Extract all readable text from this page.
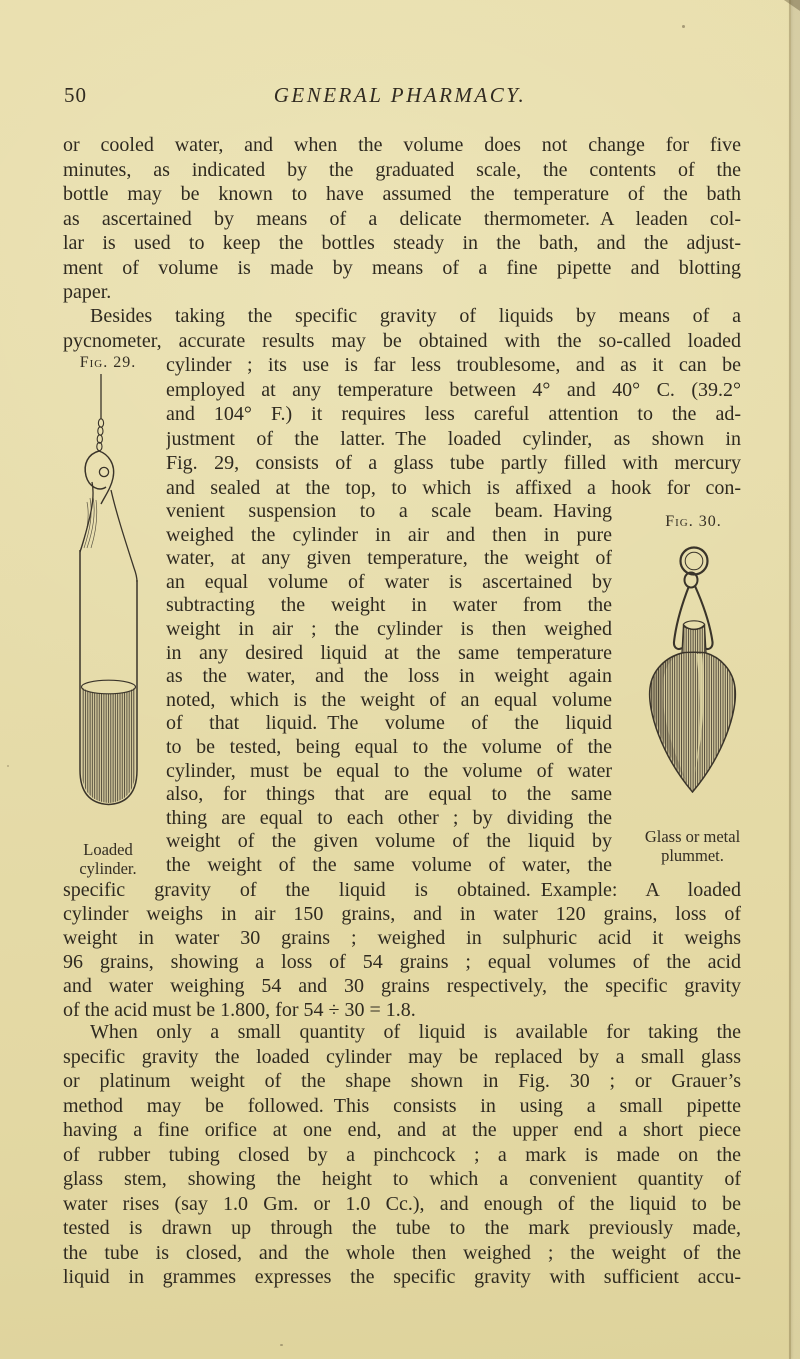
50	GENERAL PHARMACY.
or cooled water, and when the volume does not change for five
minutes, as indicated by the graduated scale, the contents of the
bottle may be known to have assumed the temperature of the bath
as ascertained by means of a delicate thermometer. A leaden col-
lar is used to keep the bottles steady in the bath, and the adjust-
ment of volume is made by means of a fine pipette and blotting
paper.
Besides taking the specific gravity of liquids by means of a
pycnometer, accurate results may be obtained with the so-called loaded
cylinder ; its use is far less troublesome, and as it can be
employed at any temperature between 4° and 40° C. (39.2°
and 104° F.) it requires less careful attention to the ad-
justment of the latter. The loaded cylinder, as shown in
Fig. 29, consists of a glass tube partly filled with mercury
and sealed at the top, to which is affixed a hook for con-
venient suspension to a scale beam. Having
weighed the cylinder in air and then in pure
water, at any given temperature, the weight of
an equal volume of water is ascertained by
subtracting the weight in water from the
weight in air ; the cylinder is then weighed
in any desired liquid at the same temperature
as the water, and the loss in weight again
noted, which is the weight of an equal volume
of that liquid. The volume of the liquid
to be tested, being equal to the volume of the
cylinder, must be equal to the volume of water
also, for things that are equal to the same
thing are equal to each other ; by dividing the
weight of the given volume of the liquid by
the weight of the same volume of water, the
specific gravity of the liquid is obtained. Example: A loaded
cylinder weighs in air 150 grains, and in water 120 grains, loss of
weight in water 30 grains ; weighed in sulphuric acid it weighs
96 grains, showing a loss of 54 grains ; equal volumes of the acid
and water weighing 54 and 30 grains respectively, the specific gravity
of the acid must be 1.800, for 54 ÷ 30 = 1.8.
When only a small quantity of liquid is available for taking the
specific gravity the loaded cylinder may be replaced by a small glass
or platinum weight of the shape shown in Fig. 30 ; or Grauer’s
method may be followed. This consists in using a small pipette
having a fine orifice at one end, and at the upper end a short piece
of rubber tubing closed by a pinchcock ; a mark is made on the
glass stem, showing the height to which a convenient quantity of
water rises (say 1.0 Gm. or 1.0 Cc.), and enough of the liquid to be
tested is drawn up through the tube to the mark previously made,
the tube is closed, and the whole then weighed ; the weight of the
liquid in grammes expresses the specific gravity with sufficient accu-
Fig. 29.
Loaded
cylinder.
Fig. 30.
Glass or metal
plummet.
